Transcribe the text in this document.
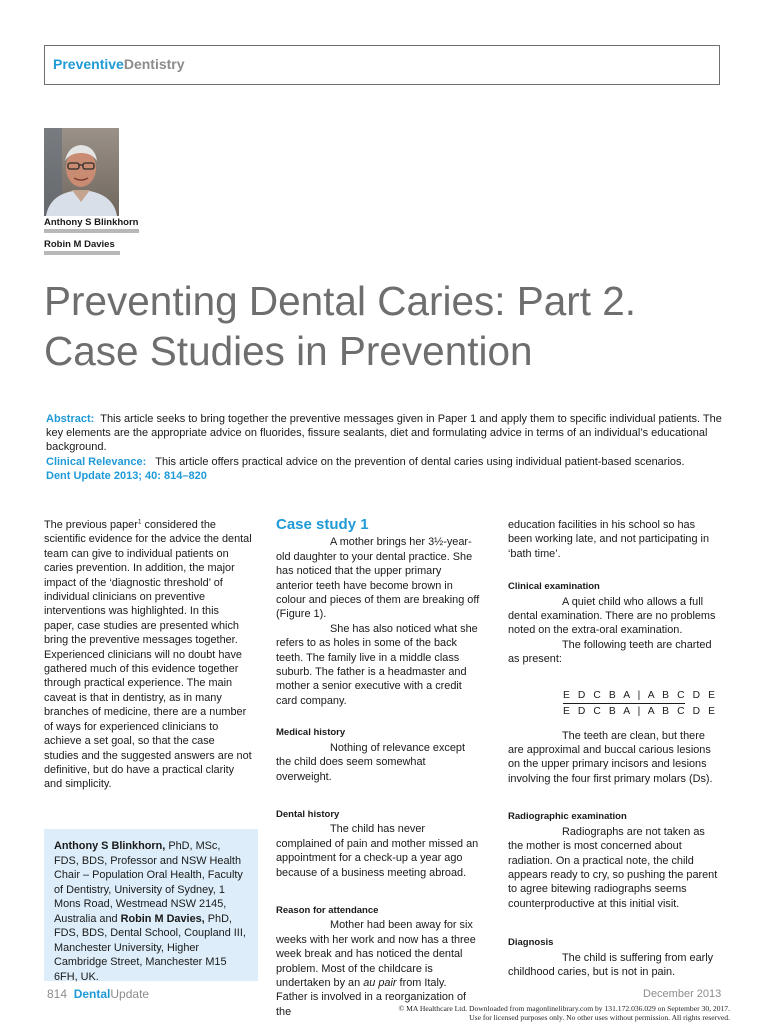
PreventiveDentistry
Anthony S Blinkhorn
Robin M Davies
Preventing Dental Caries: Part 2.
Case Studies in Prevention

Abstract: This article seeks to bring together the preventive messages given in Paper 1 and apply them to specific individual patients. The key elements are the appropriate advice on fluorides, fissure sealants, diet and formulating advice in terms of an individual’s educational background.

Clinical Relevance: This article offers practical advice on the prevention of dental caries using individual patient-based scenarios.

Dent Update 2013; 40: 814–820

The previous paper$^1$ considered the scientific evidence for the advice the dental team can give to individual patients on caries prevention. In addition, the major impact of the ‘diagnostic threshold’ of individual clinicians on preventive interventions was highlighted. In this paper, case studies are presented which bring the preventive messages together. Experienced clinicians will no doubt have gathered much of this evidence together through practical experience. The main caveat is that in dentistry, as in many branches of medicine, there are a number of ways for experienced clinicians to achieve a set goal, so that the case studies and the suggested answers are not definitive, but do have a practical clarity and simplicity.

Anthony S Blinkhorn, PhD, MSc, FDS, BDS, Professor and NSW Health Chair – Population Oral Health, Faculty of Dentistry, University of Sydney, 1 Mons Road, Westmead NSW 2145, Australia and Robin M Davies, PhD, FDS, BDS, Dental School, Coupland III, Manchester University, Higher Cambridge Street, Manchester M15 6FH, UK.
Case study 1

A mother brings her 3½-year-old daughter to your dental practice. She has noticed that the upper primary anterior teeth have become brown in colour and pieces of them are breaking off (Figure 1).

She has also noticed what she refers to as holes in some of the back teeth. The family live in a middle class suburb. The father is a headmaster and mother a senior executive with a credit card company.

Medical history

Nothing of relevance except the child does seem somewhat overweight.

Dental history

The child has never complained of pain and mother missed an appointment for a check-up a year ago because of a business meeting abroad.

Reason for attendance

Mother had been away for six weeks with her work and now has a three week break and has noticed the dental problem. Most of the childcare is undertaken by an au pair from Italy. Father is involved in a reorganization of the

education facilities in his school so has been working late, and not participating in ‘bath time’.

Clinical examination

A quiet child who allows a full dental examination. There are no problems noted on the extra-oral examination.

The following teeth are charted as present:

The teeth are clean, but there are approximal and buccal carious lesions on the upper primary incisors and lesions involving the four first primary molars (Ds).

Radiographic examination

Radiographs are not taken as the mother is most concerned about radiation. On a practical note, the child appears ready to cry, so pushing the parent to agree bitewing radiographs seems counterproductive at this initial visit.

Diagnosis

The child is suffering from early childhood caries, but is not in pain.

E D C B A | A B C D E
E D C B A | A B C D E
814 DentalUpdate	December 2013
© MA Healthcare Ltd. Downloaded from magonlinelibrary.com by 131.172.036.029 on September 30, 2017.
Use for licensed purposes only. No other uses without permission. All rights reserved.
